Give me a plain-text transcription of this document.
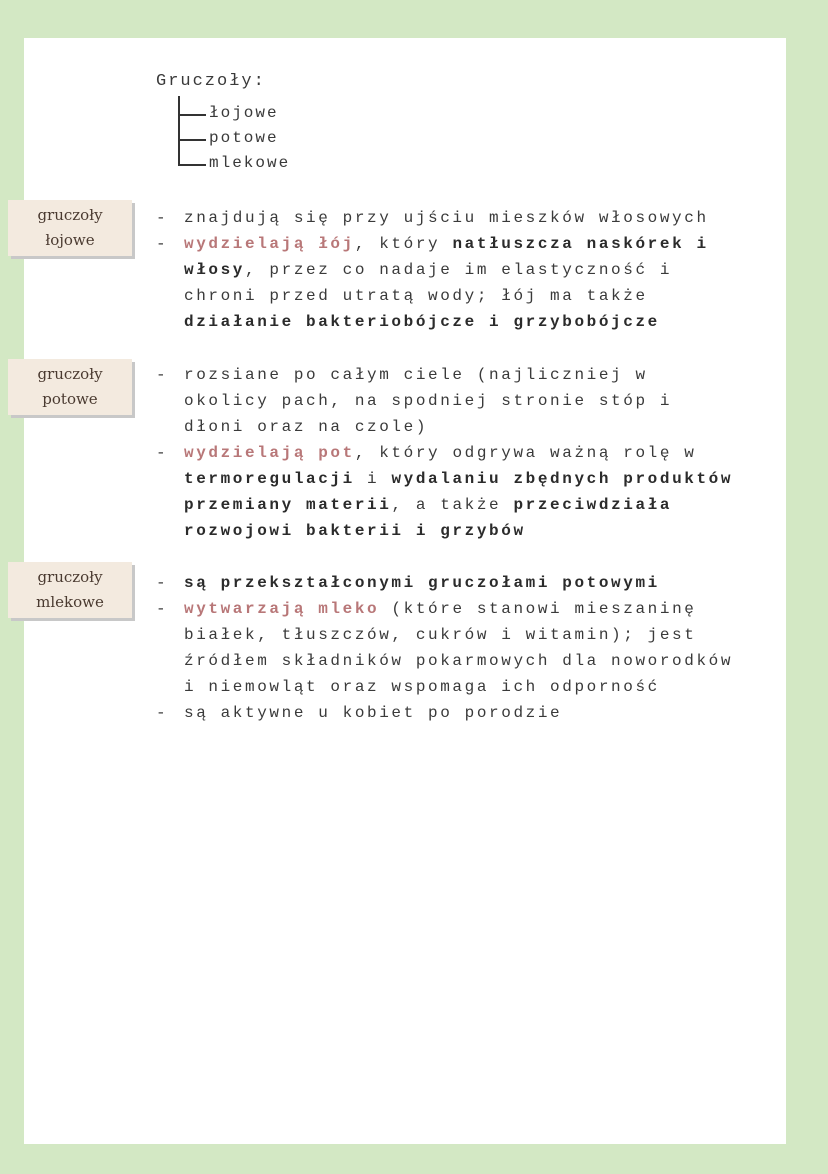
Gruczoły:
łojowe
potowe
mlekowe
gruczoły
łojowe
- znajdują się przy ujściu mieszków włosowych
- wydzielają łój, który natłuszcza naskórek i
włosy, przez co nadaje im elastyczność i
chroni przed utratą wody; łój ma także
działanie bakteriobójcze i grzybobójcze
gruczoły
potowe
- rozsiane po całym ciele (najliczniej w
okolicy pach, na spodniej stronie stóp i
dłoni oraz na czole)
- wydzielają pot, który odgrywa ważną rolę w
termoregulacji i wydalaniu zbędnych produktów
przemiany materii, a także przeciwdziała
rozwojowi bakterii i grzybów
gruczoły
mlekowe
- są przekształconymi gruczołami potowymi
- wytwarzają mleko (które stanowi mieszaninę
białek, tłuszczów, cukrów i witamin); jest
źródłem składników pokarmowych dla noworodków
i niemowląt oraz wspomaga ich odporność
- są aktywne u kobiet po porodzie
